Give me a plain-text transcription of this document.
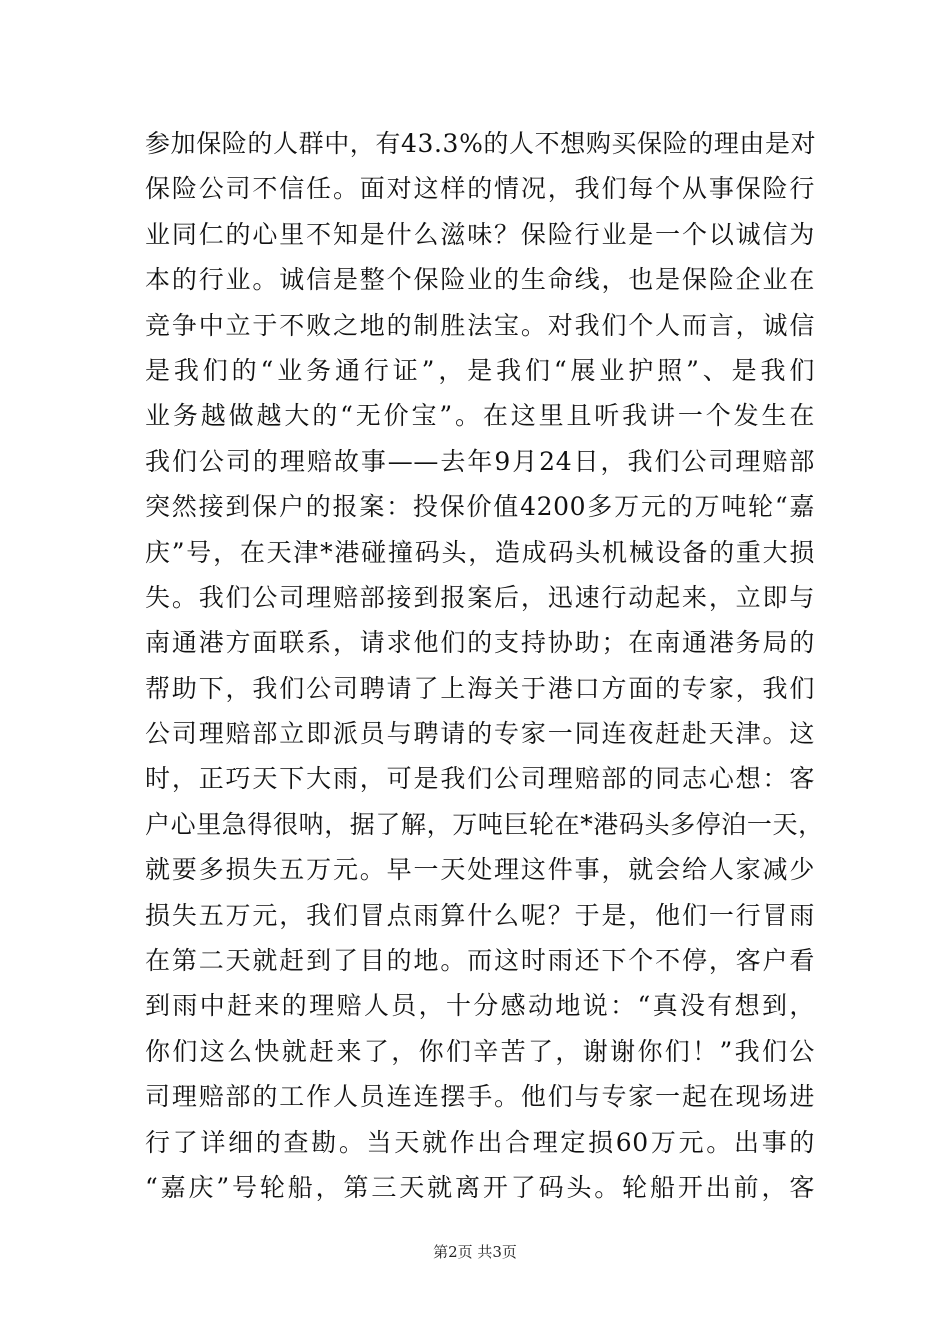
参加保险的人群中，有43.3%的人不想购买保险的理由是对
保险公司不信任。面对这样的情况，我们每个从事保险行
业同仁的心里不知是什么滋味？保险行业是一个以诚信为
本的行业。诚信是整个保险业的生命线，也是保险企业在
竞争中立于不败之地的制胜法宝。对我们个人而言，诚信
是我们的“业务通行证”，是我们“展业护照”、是我们
业务越做越大的“无价宝”。在这里且听我讲一个发生在
我们公司的理赔故事——去年9月24日，我们公司理赔部
突然接到保户的报案：投保价值4200多万元的万吨轮“嘉
庆”号，在天津*港碰撞码头，造成码头机械设备的重大损
失。我们公司理赔部接到报案后，迅速行动起来，立即与
南通港方面联系，请求他们的支持协助；在南通港务局的
帮助下，我们公司聘请了上海关于港口方面的专家，我们
公司理赔部立即派员与聘请的专家一同连夜赶赴天津。这
时，正巧天下大雨，可是我们公司理赔部的同志心想：客
户心里急得很呐，据了解，万吨巨轮在*港码头多停泊一天，
就要多损失五万元。早一天处理这件事，就会给人家减少
损失五万元，我们冒点雨算什么呢？于是，他们一行冒雨
在第二天就赶到了目的地。而这时雨还下个不停，客户看
到雨中赶来的理赔人员，十分感动地说：“真没有想到，
你们这么快就赶来了，你们辛苦了，谢谢你们！”我们公
司理赔部的工作人员连连摆手。他们与专家一起在现场进
行了详细的查勘。当天就作出合理定损60万元。出事的
“嘉庆”号轮船，第三天就离开了码头。轮船开出前，客
第2页 共3页
